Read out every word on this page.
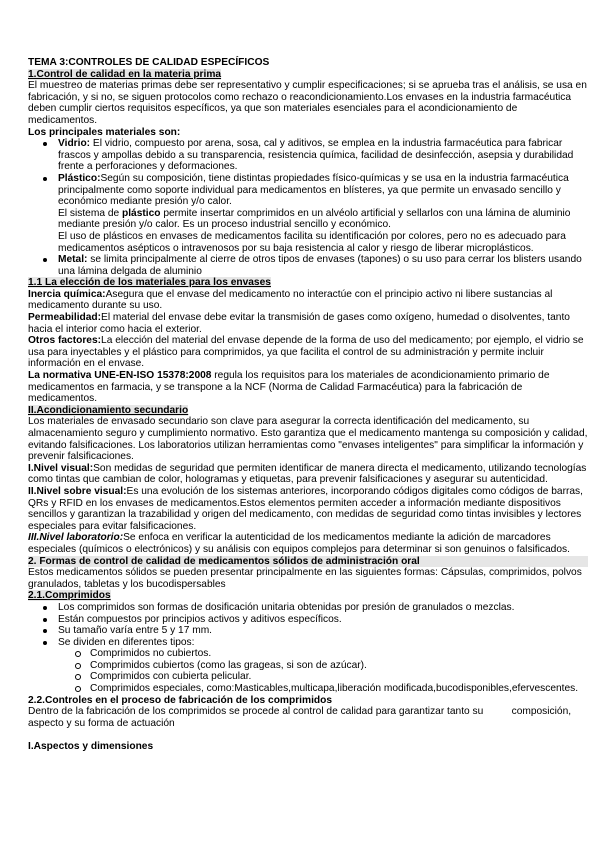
TEMA 3:CONTROLES DE CALIDAD ESPECÍFICOS

1.Control de calidad en la materia prima

El muestreo de materias primas debe ser representativo y cumplir especificaciones; si se aprueba tras el análisis, se usa en fabricación, y si no, se siguen protocolos como rechazo o reacondicionamiento.Los envases en la industria farmacéutica deben cumplir ciertos requisitos específicos, ya que son materiales esenciales para el acondicionamiento de medicamentos.

Los principales materiales son:

Vidrio: El vidrio, compuesto por arena, sosa, cal y aditivos, se emplea en la industria farmacéutica para fabricar frascos y ampollas debido a su transparencia, resistencia química, facilidad de desinfección, asepsia y durabilidad frente a perforaciones y deformaciones.
Plástico:Según su composición, tiene distintas propiedades físico-químicas y se usa en la industria farmacéutica principalmente como soporte individual para medicamentos en blísteres, ya que permite un envasado sencillo y económico mediante presión y/o calor.

El sistema de plástico permite insertar comprimidos en un alvéolo artificial y sellarlos con una lámina de aluminio mediante presión y/o calor. Es un proceso industrial sencillo y económico.

El uso de plásticos en envases de medicamentos facilita su identificación por colores, pero no es adecuado para medicamentos asépticos o intravenosos por su baja resistencia al calor y riesgo de liberar microplásticos.

Metal: se limita principalmente al cierre de otros tipos de envases (tapones) o su uso para cerrar los blisters usando una lámina delgada de aluminio

1.1 La elección de los materiales para los envases

Inercia química:Asegura que el envase del medicamento no interactúe con el principio activo ni libere sustancias al medicamento durante su uso.

Permeabilidad:El material del envase debe evitar la transmisión de gases como oxígeno, humedad o disolventes, tanto hacia el interior como hacia el exterior.

Otros factores:La elección del material del envase depende de la forma de uso del medicamento; por ejemplo, el vidrio se usa para inyectables y el plástico para comprimidos, ya que facilita el control de su administración y permite incluir información en el envase.

La normativa UNE-EN-ISO 15378:2008 regula los requisitos para los materiales de acondicionamiento primario de medicamentos en farmacia, y se transpone a la NCF (Norma de Calidad Farmacéutica) para la fabricación de medicamentos.

II.Acondicionamiento secundario

Los materiales de envasado secundario son clave para asegurar la correcta identificación del medicamento, su almacenamiento seguro y cumplimiento normativo. Esto garantiza que el medicamento mantenga su composición y calidad, evitando falsificaciones. Los laboratorios utilizan herramientas como "envases inteligentes" para simplificar la información y prevenir falsificaciones.

I.Nivel visual:Son medidas de seguridad que permiten identificar de manera directa el medicamento, utilizando tecnologías como tintas que cambian de color, hologramas y etiquetas, para prevenir falsificaciones y asegurar su autenticidad.

II.Nivel sobre visual:Es una evolución de los sistemas anteriores, incorporando códigos digitales como códigos de barras, QRs y RFID en los envases de medicamentos.Estos elementos permiten acceder a información mediante dispositivos sencillos y garantizan la trazabilidad y origen del medicamento, con medidas de seguridad como tintas invisibles y lectores especiales para evitar falsificaciones.

III.Nivel laboratorio:Se enfoca en verificar la autenticidad de los medicamentos mediante la adición de marcadores especiales (químicos o electrónicos) y su análisis con equipos complejos para determinar si son genuinos o falsificados.

2. Formas de control de calidad de medicamentos sólidos de administración oral

Estos medicamentos sólidos se pueden presentar principalmente en las siguientes formas: Cápsulas, comprimidos, polvos granulados, tabletas y los bucodispersables

2.1.Comprimidos

Los comprimidos son formas de dosificación unitaria obtenidas por presión de granulados o mezclas.
Están compuestos por principios activos y aditivos específicos.
Su tamaño varía entre 5 y 17 mm.
Se dividen en diferentes tipos:
Comprimidos no cubiertos.
Comprimidos cubiertos (como las grageas, si son de azúcar).
Comprimidos con cubierta pelicular.
Comprimidos especiales, como:Masticables,multicapa,liberación modificada,bucodisponibles,efervescentes.

2.2.Controles en el proceso de fabricación de los comprimidos

Dentro de la fabricación de los comprimidos se procede al control de calidad para garantizar tanto su	composición, aspecto y su forma de actuación

I.Aspectos y dimensiones
